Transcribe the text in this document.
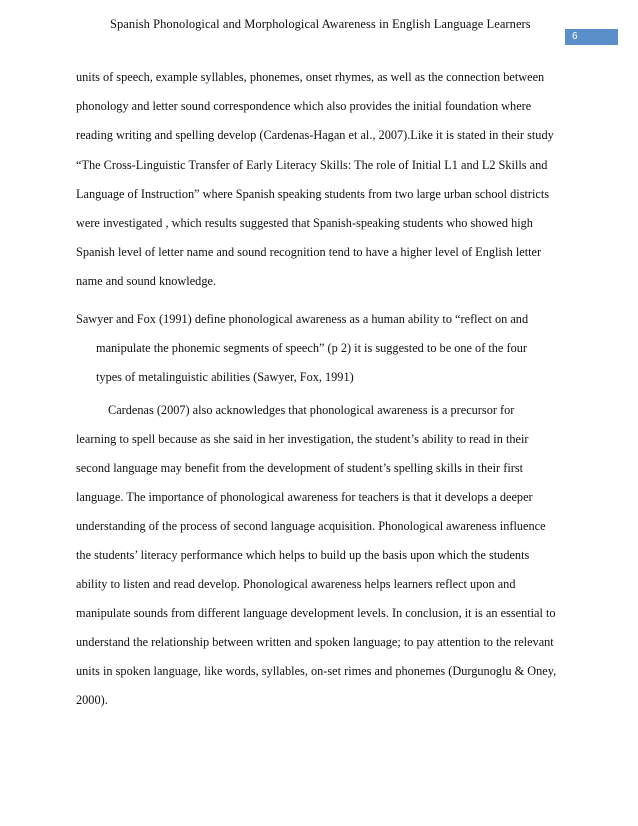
Spanish Phonological and Morphological Awareness in English Language Learners
6
units of speech, example syllables, phonemes, onset rhymes, as well as the connection between
phonology and letter sound correspondence which also provides the initial foundation where
reading writing and spelling develop (Cardenas-Hagan et al., 2007).Like it is stated in their study
“The Cross-Linguistic Transfer of Early Literacy Skills: The role of Initial L1 and L2 Skills and
Language of Instruction” where Spanish speaking students from two large urban school districts
were investigated , which results suggested that Spanish-speaking students who showed high
Spanish level of letter name and sound recognition tend to have a higher level of English letter
name and sound knowledge.
Sawyer and Fox (1991) define phonological awareness as a human ability to “reflect on and
manipulate the phonemic segments of speech” (p 2) it is suggested to be one of the four
types of metalinguistic abilities (Sawyer, Fox, 1991)
Cardenas (2007) also acknowledges that phonological awareness is a precursor for
learning to spell because as she said in her investigation, the student’s ability to read in their
second language may benefit from the development of student’s spelling skills in their first
language. The importance of phonological awareness for teachers is that it develops a deeper
understanding of the process of second language acquisition. Phonological awareness influence
the students’ literacy performance which helps to build up the basis upon which the students
ability to listen and read develop. Phonological awareness helps learners reflect upon and
manipulate sounds from different language development levels. In conclusion, it is an essential to
understand the relationship between written and spoken language; to pay attention to the relevant
units in spoken language, like words, syllables, on-set rimes and phonemes (Durgunoglu & Oney,
2000).
